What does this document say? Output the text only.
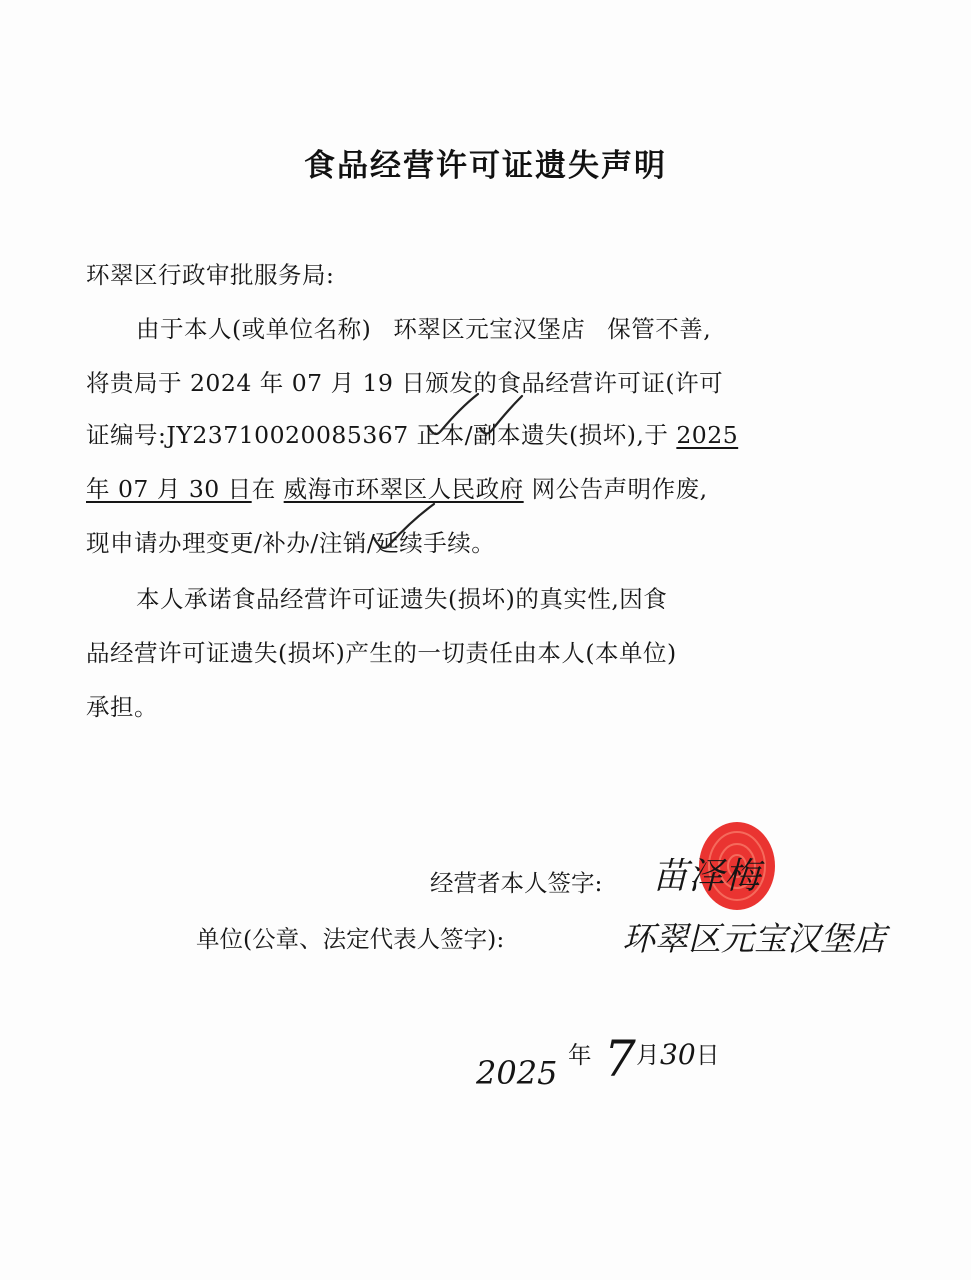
食品经营许可证遗失声明
环翠区行政审批服务局:
由于本人(或单位名称) 环翠区元宝汉堡店 保管不善,
将贵局于 2024 年 07 月 19 日颁发的食品经营许可证(许可
证编号:JY23710020085367 正本/副本遗失(损坏),于 2025
年 07 月 30 日在 威海市环翠区人民政府 网公告声明作废,
现申请办理变更/补办/注销/延续手续。
本人承诺食品经营许可证遗失(损坏)的真实性,因食
品经营许可证遗失(损坏)产生的一切责任由本人(本单位)
承担。
经营者本人签字: 苗泽梅
单位(公章、法定代表人签字):	环翠区元宝汉堡店
2025 年 7 月 30 日
